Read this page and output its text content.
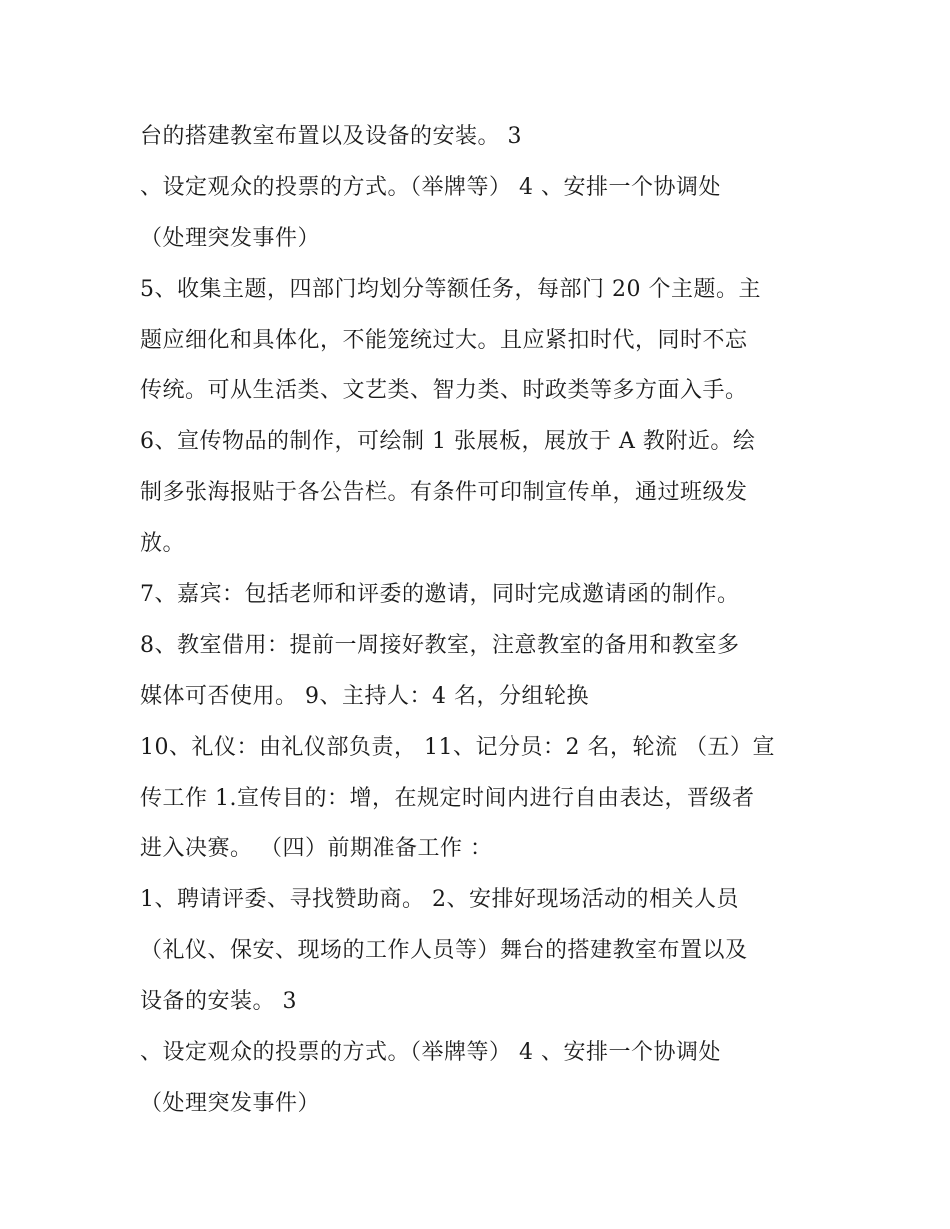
台的搭建教室布置以及设备的安装。 3
、设定观众的投票的方式。（举牌等） 4 、安排一个协调处
（处理突发事件）
5、收集主题，四部门均划分等额任务，每部门 20 个主题。主
题应细化和具体化，不能笼统过大。且应紧扣时代，同时不忘
传统。可从生活类、文艺类、智力类、时政类等多方面入手。
6、宣传物品的制作，可绘制 1 张展板，展放于 A 教附近。绘
制多张海报贴于各公告栏。有条件可印制宣传单，通过班级发
放。
7、嘉宾：包括老师和评委的邀请，同时完成邀请函的制作。
8、教室借用：提前一周接好教室，注意教室的备用和教室多
媒体可否使用。 9、主持人：4 名，分组轮换
10、礼仪：由礼仪部负责， 11、记分员：2 名，轮流 （五）宣
传工作 1.宣传目的：增，在规定时间内进行自由表达，晋级者
进入决赛。 （四）前期准备工作 ：
1、聘请评委、寻找赞助商。 2、安排好现场活动的相关人员
（礼仪、保安、现场的工作人员等）舞台的搭建教室布置以及
设备的安装。 3
、设定观众的投票的方式。（举牌等） 4 、安排一个协调处
（处理突发事件）
